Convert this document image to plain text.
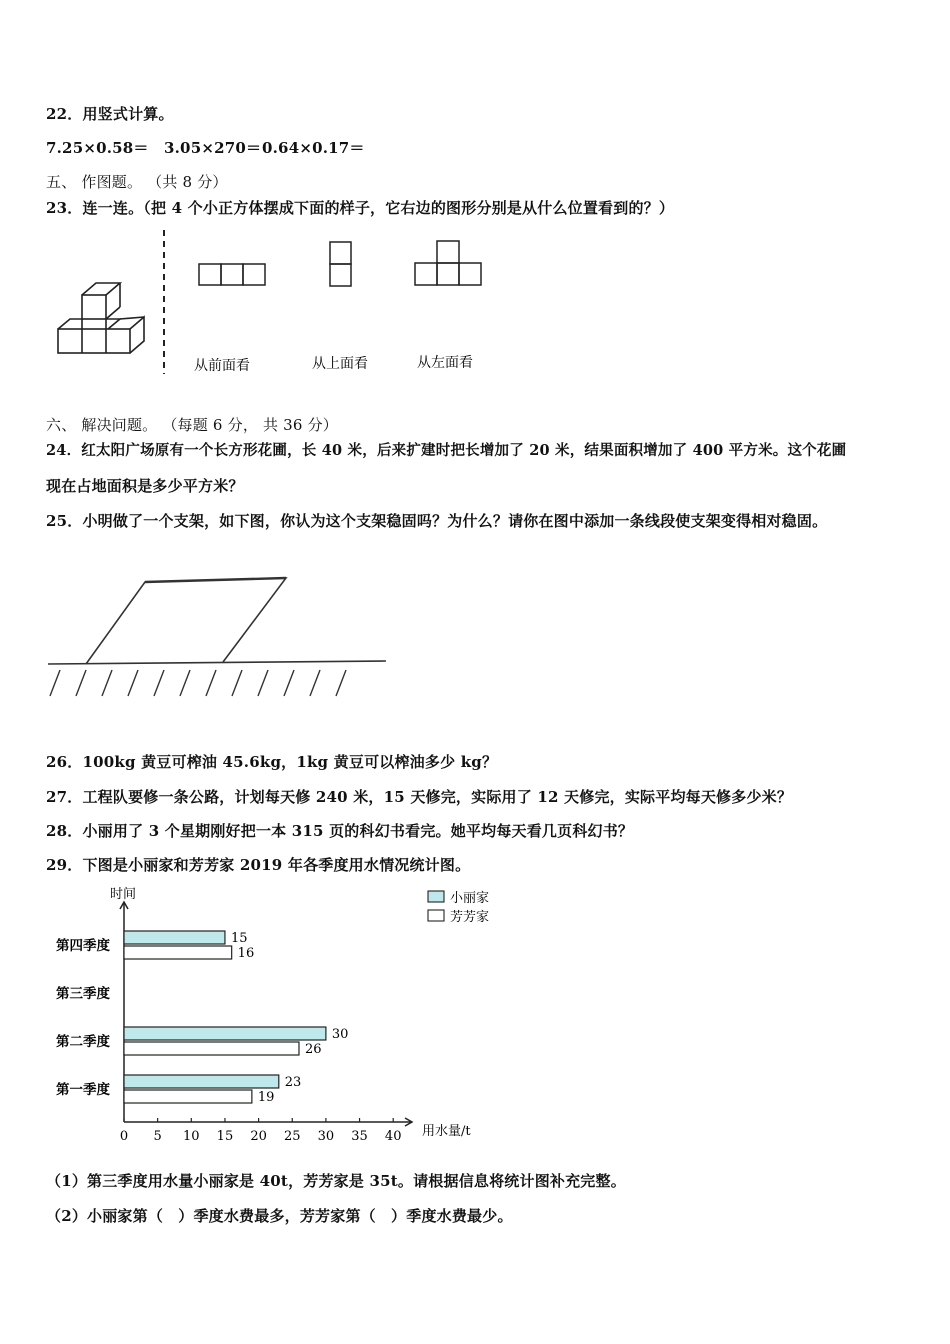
22．用竖式计算。
7.25×0.58＝ 3.05×270＝ 0.64×0.17＝
五、 作图题。 （共 8 分）
23．连一连。（把 4 个小正方体摆成下面的样子，它右边的图形分别是从什么位置看到的？）
从前面看	从上面看	从左面看
六、 解决问题。 （每题 6 分， 共 36 分）
24．红太阳广场原有一个长方形花圃，长 40 米，后来扩建时把长增加了 20 米，结果面积增加了 400 平方米。这个花圃
现在占地面积是多少平方米？
25．小明做了一个支架，如下图，你认为这个支架稳固吗？为什么？请你在图中添加一条线段使支架变得相对稳固。
26．100kg 黄豆可榨油 45.6kg，1kg 黄豆可以榨油多少 kg？
27．工程队要修一条公路，计划每天修 240 米，15 天修完，实际用了 12 天修完，实际平均每天修多少米？
28．小丽用了 3 个星期刚好把一本 315 页的科幻书看完。她平均每天看几页科幻书？
29．下图是小丽家和芳芳家 2019 年各季度用水情况统计图。
时间
用水量/t
23
30
15
19
26
16
小丽家
芳芳家
0 5 10 15 20 25 30 35 40
第一季度
第二季度
第三季度
第四季度
（1）第三季度用水量小丽家是 40t，芳芳家是 35t。请根据信息将统计图补充完整。
（2）小丽家第（　）季度水费最多，芳芳家第（　）季度水费最少。
